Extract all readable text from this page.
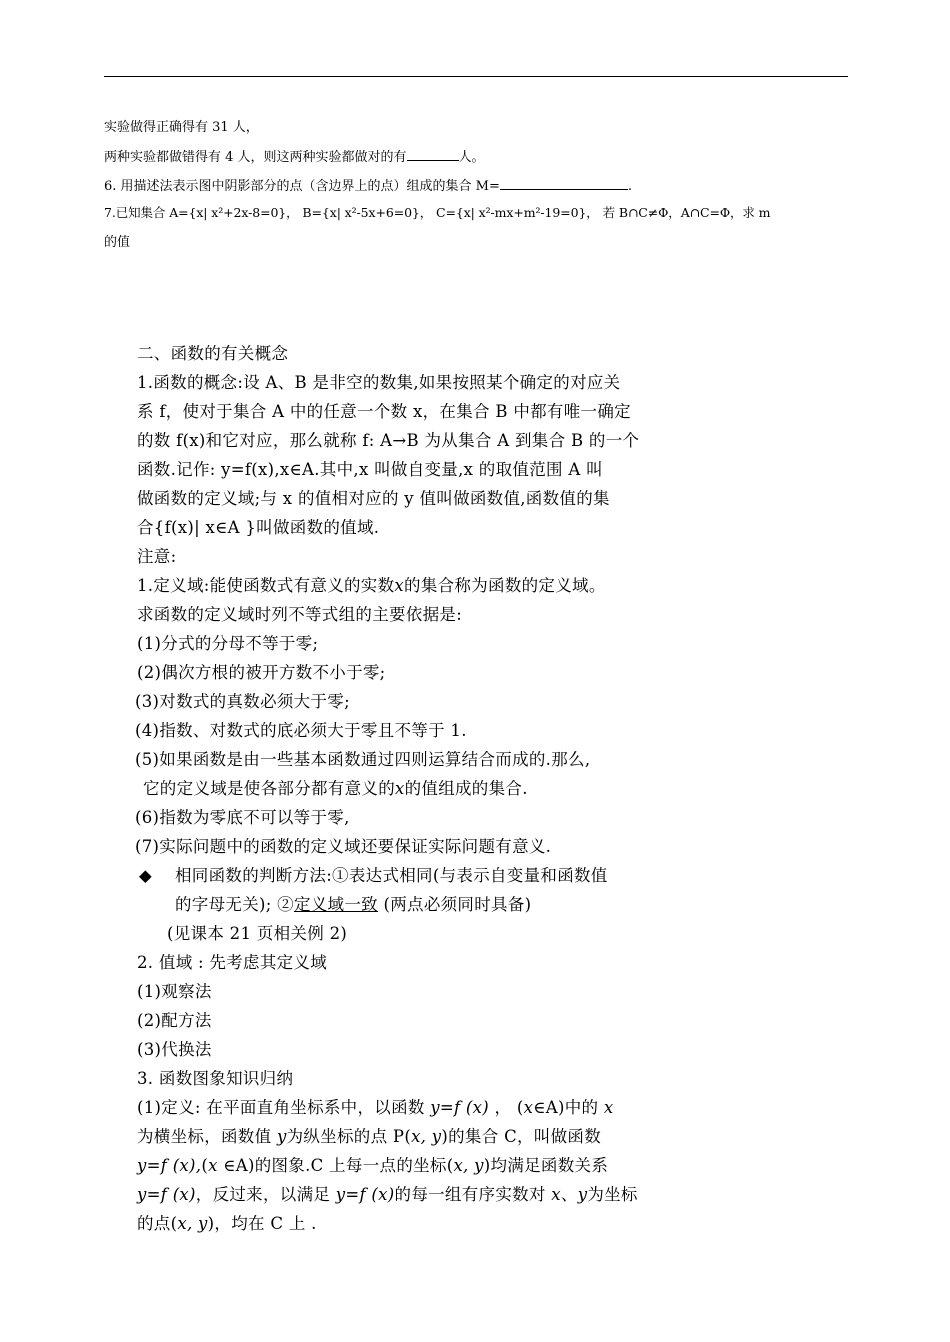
实验做得正确得有 31 人，
两种实验都做错得有 4 人，则这两种实验都做对的有	人。
6. 用描述法表示图中阴影部分的点（含边界上的点）组成的集合 M=	.
7.已知集合 A={x| x²+2x-8=0}， B={x| x²-5x+6=0}， C={x| x²-mx+m²-19=0}， 若 B∩C≠Φ，A∩C=Φ，求 m
的值
二、函数的有关概念
1.函数的概念:设 A、B 是非空的数集,如果按照某个确定的对应关
系 f，使对于集合 A 中的任意一个数 x，在集合 B 中都有唯一确定
的数 f(x)和它对应，那么就称 f: A→B 为从集合 A 到集合 B 的一个
函数.记作: y=f(x),x∈A.其中,x 叫做自变量,x 的取值范围 A 叫
做函数的定义域;与 x 的值相对应的 y 值叫做函数值,函数值的集
合{f(x)| x∈A }叫做函数的值域.
注意:
1.定义域:能使函数式有意义的实数x的集合称为函数的定义域。
求函数的定义域时列不等式组的主要依据是:
(1)分式的分母不等于零;
(2)偶次方根的被开方数不小于零;
(3)对数式的真数必须大于零;
(4)指数、对数式的底必须大于零且不等于 1.
(5)如果函数是由一些基本函数通过四则运算结合而成的.那么,
它的定义域是使各部分都有意义的x的值组成的集合.
(6)指数为零底不可以等于零,
(7)实际问题中的函数的定义域还要保证实际问题有意义.
◆ 相同函数的判断方法:①表达式相同(与表示自变量和函数值
的字母无关); ②定义域一致 (两点必须同时具备)
(见课本 21 页相关例 2)
2. 值域 : 先考虑其定义域
(1)观察法
(2)配方法
(3)代换法
3. 函数图象知识归纳
(1)定义: 在平面直角坐标系中，以函数 y=f (x) ， (x∈A)中的 x
为横坐标，函数值 y为纵坐标的点 P(x, y)的集合 C，叫做函数
y=f (x),(x ∈A)的图象.C 上每一点的坐标(x, y)均满足函数关系
y=f (x)，反过来，以满足 y=f (x)的每一组有序实数对 x、y为坐标
的点(x, y)，均在 C 上 .
